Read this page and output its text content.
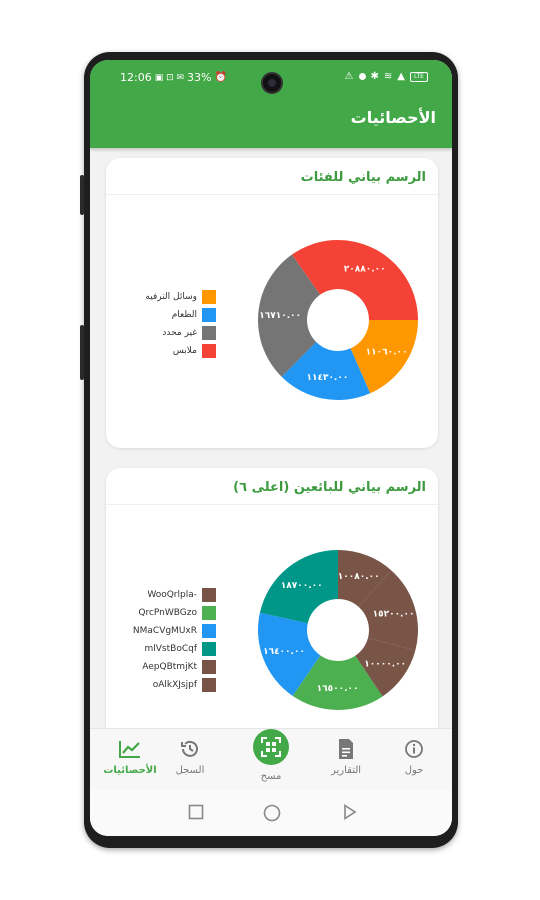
12:06 ▣ ⊡ ✉ 33% ⏰	⚠ ✱ ≋ ▲	LTE
الأحصائيات
الرسم بياني للفئات
وسائل الترفيه
الطعام
غير محدد
ملابس	١١٠٦٠.٠٠
١١٤٣٠.٠٠
١٦٧١٠.٠٠
٢٠٨٨٠.٠٠
الرسم بياني للبائعين (اعلى ٦)
WooQrlpla-
QrcPnWBGzo
NMaCVgMUxR
mlVstBoCqf
AepQBtmjKt
oAlkXJsjpf
١٠٠٨٠.٠٠
١٥٢٠٠.٠٠
١٠٠٠٠.٠٠
١٦٥٠٠.٠٠
١٦٤٠٠.٠٠
١٨٧٠٠.٠٠
حول
التقارير
مسح
السجل
الأحصائيات
